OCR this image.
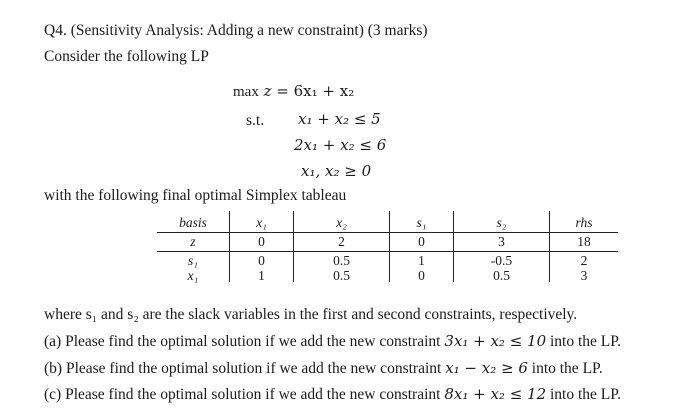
Q4. (Sensitivity Analysis: Adding a new constraint) (3 marks)
Consider the following LP
max z = 6x₁ + x₂
s.t. x₁ + x₂ ≤ 5
2x₁ + x₂ ≤ 6
x₁, x₂ ≥ 0
with the following final optimal Simplex tableau
basis	x₁	x₂	s₁	s₂	rhs
z	0	2	0	3	18
s₁	0	0.5	1	-0.5	2
x₁	1	0.5	0	0.5	3
where s₁ and s₂ are the slack variables in the first and second constraints, respectively.
(a) Please find the optimal solution if we add the new constraint 3x₁ + x₂ ≤ 10 into the LP.
(b) Please find the optimal solution if we add the new constraint x₁ − x₂ ≥ 6 into the LP.
(c) Please find the optimal solution if we add the new constraint 8x₁ + x₂ ≤ 12 into the LP.
